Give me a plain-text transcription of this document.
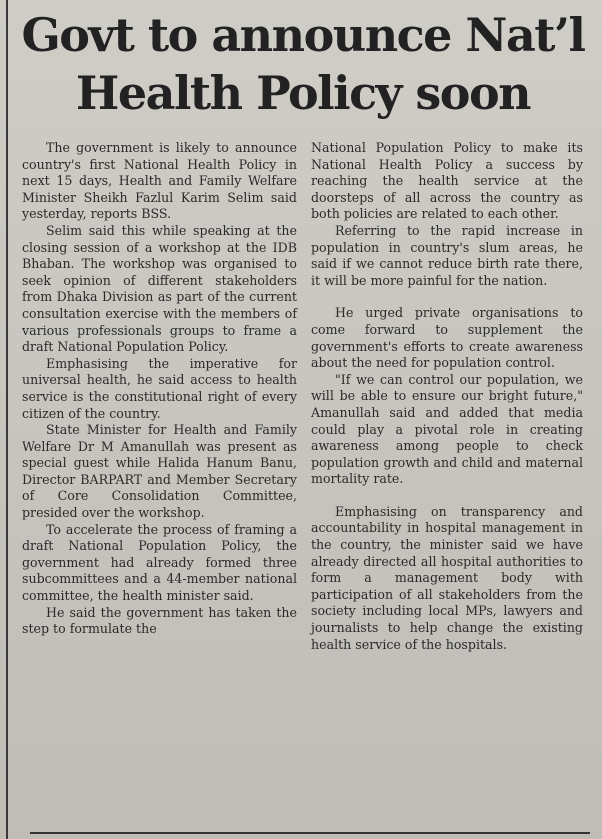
Govt to announce Nat’l
Health Policy soon

The government is likely to announce country's first National Health Policy in next 15 days, Health and Family Welfare Minister Sheikh Fazlul Karim Selim said yesterday, reports BSS.

Selim said this while speaking at the closing session of a workshop at the IDB Bhaban. The workshop was organised to seek opinion of different stakeholders from Dhaka Division as part of the current consultation exercise with the members of various professionals groups to frame a draft National Population Policy.

Emphasising the imperative for universal health, he said access to health service is the constitutional right of every citizen of the country.

State Minister for Health and Family Welfare Dr M Amanullah was present as special guest while Halida Hanum Banu, Director BARPART and Member Secretary of Core Consolidation Committee, presided over the workshop.

To accelerate the process of framing a draft National Population Policy, the government had already formed three subcommittees and a 44-member national committee, the health minister said.

He said the government has taken the step to formulate the

National Population Policy to make its National Health Policy a success by reaching the health service at the doorsteps of all across the country as both policies are related to each other.

Referring to the rapid increase in population in country's slum areas, he said if we cannot reduce birth rate there, it will be more painful for the nation.

He urged private organisations to come forward to supplement the government's efforts to create awareness about the need for population control.

"If we can control our population, we will be able to ensure our bright future," Amanullah said and added that media could play a pivotal role in creating awareness among people to check population growth and child and maternal mortality rate.

Emphasising on transparency and accountability in hospital management in the country, the minister said we have already directed all hospital authorities to form a management body with participation of all stakeholders from the society including local MPs, lawyers and journalists to help change the existing health service of the hospitals.
